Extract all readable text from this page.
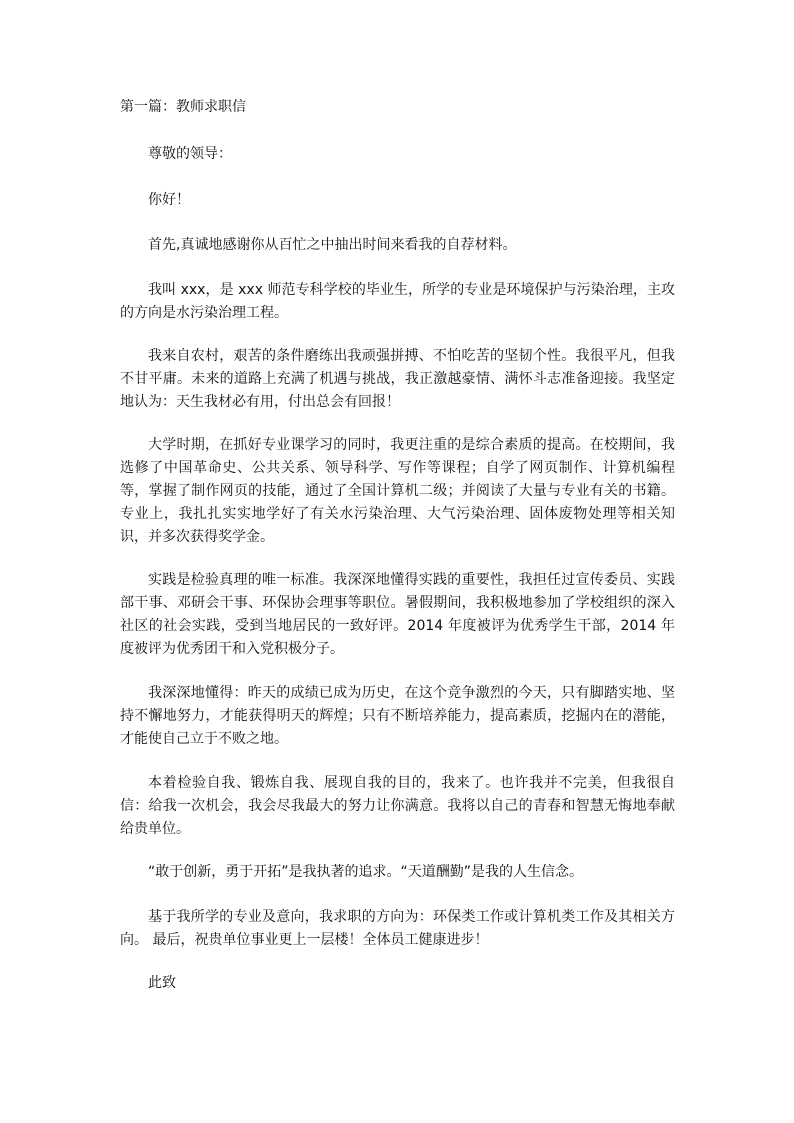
第一篇：教师求职信

尊敬的领导：

你好！

首先,真诚地感谢你从百忙之中抽出时间来看我的自荐材料。

我叫 xxx，是 xxx 师范专科学校的毕业生，所学的专业是环境保护与污染治理，主攻的方向是水污染治理工程。

我来自农村，艰苦的条件磨练出我顽强拼搏、不怕吃苦的坚韧个性。我很平凡，但我不甘平庸。未来的道路上充满了机遇与挑战，我正激越豪情、满怀斗志准备迎接。我坚定地认为：天生我材必有用，付出总会有回报！

大学时期，在抓好专业课学习的同时，我更注重的是综合素质的提高。在校期间，我选修了中国革命史、公共关系、领导科学、写作等课程；自学了网页制作、计算机编程等，掌握了制作网页的技能，通过了全国计算机二级；并阅读了大量与专业有关的书籍。专业上，我扎扎实实地学好了有关水污染治理、大气污染治理、固体废物处理等相关知识，并多次获得奖学金。

实践是检验真理的唯一标准。我深深地懂得实践的重要性，我担任过宣传委员、实践部干事、邓研会干事、环保协会理事等职位。暑假期间，我积极地参加了学校组织的深入社区的社会实践，受到当地居民的一致好评。2014 年度被评为优秀学生干部，2014 年度被评为优秀团干和入党积极分子。

我深深地懂得：昨天的成绩已成为历史，在这个竞争激烈的今天，只有脚踏实地、坚持不懈地努力，才能获得明天的辉煌；只有不断培养能力，提高素质，挖掘内在的潜能，才能使自己立于不败之地。

本着检验自我、锻炼自我、展现自我的目的，我来了。也许我并不完美，但我很自信：给我一次机会，我会尽我最大的努力让你满意。我将以自己的青春和智慧无悔地奉献给贵单位。

“敢于创新，勇于开拓”是我执著的追求。“天道酬勤”是我的人生信念。

基于我所学的专业及意向，我求职的方向为：环保类工作或计算机类工作及其相关方向。 最后，祝贵单位事业更上一层楼！全体员工健康进步！

此致
